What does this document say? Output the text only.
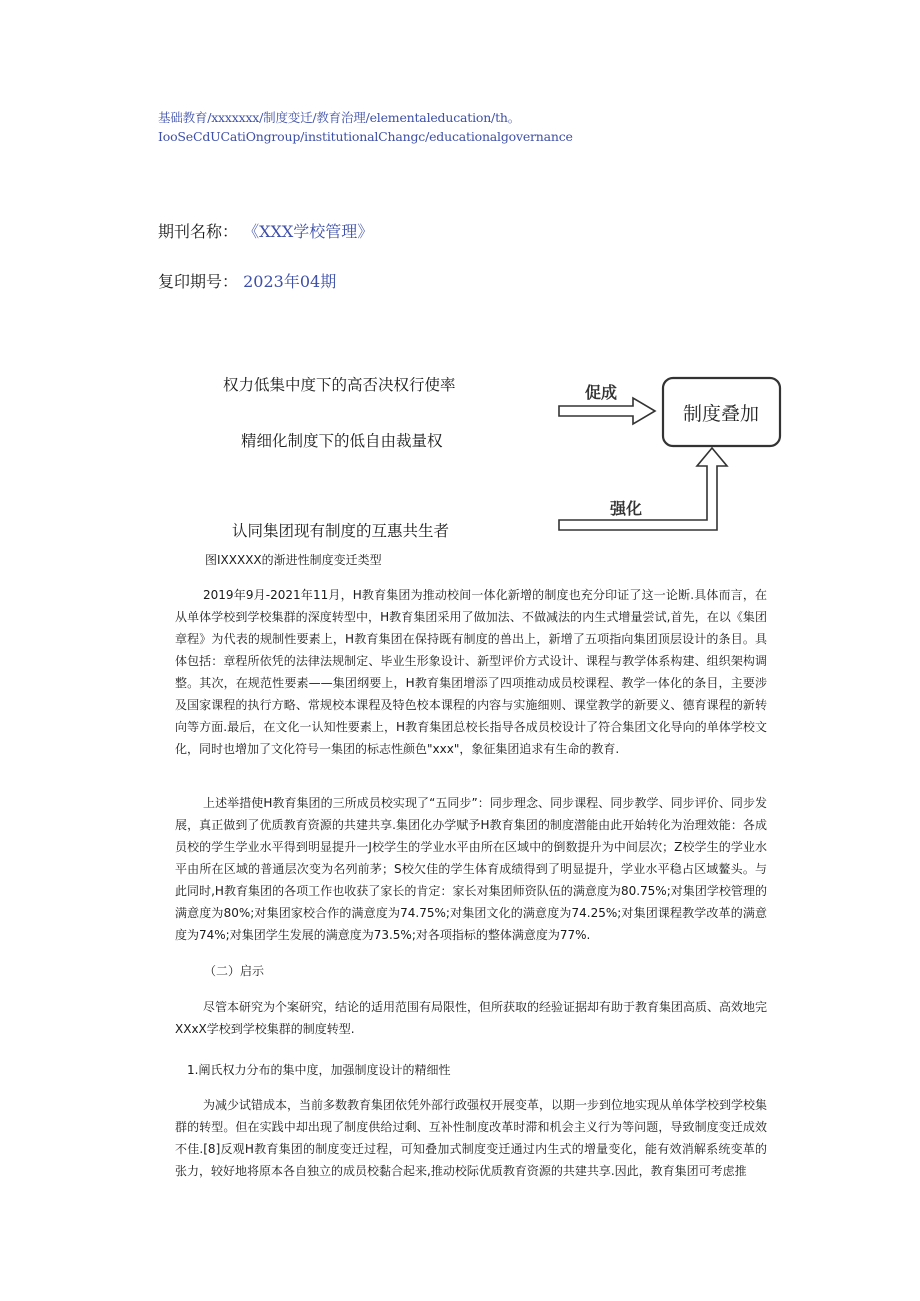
基础教育/xxxxxxx/制度变迁/教育治理/elementaleducation/th。
IooSeCdUCatiOngroup/institutionalChangc/educationalgovernance
期刊名称： 《XXX学校管理》
复印期号： 2023年04期
权力低集中度下的高否决权行使率
精细化制度下的低自由裁量权
认同集团现有制度的互惠共生者
促成
制度叠加
强化
图IXXXXX的渐进性制度变迁类型

2019年9月-2021年11月，H教育集团为推动校间一体化新增的制度也充分印证了这一论断.具体而言，在从单体学校到学校集群的深度转型中，H教育集团采用了做加法、不做减法的内生式增量尝试,首先，在以《集团章程》为代表的规制性要素上，H教育集团在保持既有制度的兽出上，新增了五项指向集团顶层设计的条目。具体包括：章程所依凭的法律法规制定、毕业生形象设计、新型评价方式设计、课程与教学体系构建、组织架构调整。其次，在规范性要素——集团纲要上，H教育集团增添了四项推动成员校课程、教学一体化的条目，主要涉及国家课程的执行方略、常规校本课程及特色校本课程的内容与实施细则、课堂教学的新要义、德育课程的新转向等方面.最后，在文化一认知性要素上，H教育集团总校长指导各成员校设计了符合集团文化导向的单体学校文化，同时也增加了文化符号一集团的标志性颜色"xxx"，象征集团追求有生命的教育.

上述举措使H教育集团的三所成员校实现了“五同步”：同步理念、同步课程、同步教学、同步评价、同步发展，真正做到了优质教育资源的共建共享.集团化办学赋予H教育集团的制度潜能由此开始转化为治理效能：各成员校的学生学业水平得到明显提升一J校学生的学业水平由所在区域中的倒数提升为中间层次；Z校学生的学业水平由所在区域的普通层次变为名列前茅；S校欠佳的学生体育成绩得到了明显提升，学业水平稳占区域鳌头。与此同时,H教育集团的各项工作也收获了家长的肯定：家长对集团师资队伍的满意度为80.75%;对集团学校管理的满意度为80%;对集团家校合作的满意度为74.75%;对集团文化的满意度为74.25%;对集团课程教学改革的满意度为74%;对集团学生发展的满意度为73.5%;对各项指标的整体满意度为77%.

（二）启示

尽管本研究为个案研究，结论的适用范围有局限性，但所获取的经验证据却有助于教育集团高质、高效地完XXxX学校到学校集群的制度转型.

1.阐氏权力分布的集中度，加强制度设计的精细性

为减少试错成本，当前多数教育集团依凭外部行政强权开展变革，以期一步到位地实现从单体学校到学校集群的转型。但在实践中却出现了制度供给过剩、互补性制度改革时滞和机会主义行为等问题，导致制度变迁成效不佳.[8]反观H教育集团的制度变迁过程，可知叠加式制度变迁通过内生式的增量变化，能有效消解系统变革的张力，较好地将原本各自独立的成员校黏合起来,推动校际优质教育资源的共建共享.因此，教育集团可考虑推
